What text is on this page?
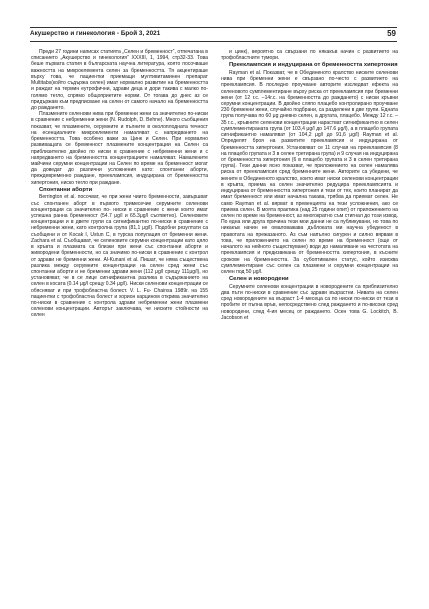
Акушерство и гинекология - Брой 3, 2021	59

Преди 27 години написах статията „Селен и бременност“, отпечатана в списанието „Акушерство и гинекология“ XXXIII, 1, 1994, стр32-33. Това беше първата статия в българската научна литература, която посочваше важността на микроелемента селен за бременността. Тя акцентираше върху това, че пациентки приемащи мултивитаминен препарат Multitabs(който съдържа селен) имат нормално развитие на бременността и раждат на термин еутрофични, здрави деца и дори такива с малко по-голямо тегло, спрямо общоприетите норми. От тогава до днес аз се придържам към предписване на селен от самото начало на бременността до раждането.

Плазмените селенови нива при бременни жени са значително по-ниски в сравнение с небременни жени (N. Rudolph, D. Behne). Много съобщения показват, че плазмените, серумните и пълните в околоплодната течност на есенциалните микроелементи намаляват с напредването на бременността. Това особено важи за Цинк и Селен. При нормално развиващата се бременност плазмените концентрации на Селен са приблизително двойно по ниски в сравнение с небременни жени и с напредването на бременността концентрациите намаляват. Намалените майчини серумни концентрации на Селен по време на бременност могат да доведат до различни усложнения като: спонтанни аборти, преждевременно раждане, прееклампсия, индуцирана от бременността хипертония, ниско тегло при раждане.

Спонтанни аборти

Berrington et al. посочват, че при жени чиито бременности, завършват със спонтанен аборт в първото тримесечие серумните селенови концентрации са значително по- ниски в сравнение с жени които имат успешна ранна бременност (54.7 μg/l и 65.3μg/l съответно). Селеновите концентрации и в двете групи са сигнификантно по-ниски в сравнение с небременни жени, като контролна група (81,1 μg/l). Подобни резултати са съобщени и от Kocak I, Ustun C, в турска популация от бременни жени. Zachara et al. Съобщават, че селеновите серумни концентрации като цяло в кръвта и плазмата са близки при жени със спонтанни аборти и живородени бременности, но са значимо по-ниски в сравнение с контрол от здрави не бременни жени. Al-Kunani et al. Пишат, че няма съществена разлика между серумните концентрации на селен сред жени със спонтанни аборти и не бременни здрави жени (112 μg/l срещу 111μg/l), но установяват, че в се лице сигнификантна разлика в съдържанието на селен в косата (0.14 μg/l срещу 0.34 μg/l). Ниски селенови концентрации се обясняват и при трофобластна болест. V. L. Fu- Chainsa 1989г. на 155 пациентки с трофобластна болест и хорион карцином открива значително по-ниски в сравнение с контрола здрави небременни жени плазмени селенови концентрации. Авторът заключава, че ниските стойности на селен

и цинк), вероятно са свързани по някакъв начин с развитието на трофобластните тумори.

Прееклампсия и индуцирана от бременността хипертония

Rayman et al. Показват, че в Обединеното кралство ниските селенови нива при бременни жени е свързано по-често с развитието на прееклампсия. В последно проучване авторите изследват ефекта на селеновото сумплементиране върху риска от прееклампсия при бременни жени (от 12 г.с. –14г.с. на бременността до раждането) с ниски кръвни серумни концентрации. В двойно сляпо плацебо контролирано проучване 230 бременни жени, случайно подбрани, са разделени в две групи. Едната група получава по 60 μg дневно селен, а другата, плацебо. Между 12 г.с. – 35 г.с., кръвните селенови концентрации нарастват сигнификантно в селен сумплементираната група (от 103,4 μg/l до 147.6 μg/l), а в плацебо групата сигнификантно намаляват (от 104,2 μg/l до 91,6 μg/l) Rayman et al. Определят броя на развитите прееклампсия и индуцирана от бременността хипертония. Установяват се 11 случая на прееклампсия (8 на плацебо групата и 3 в селен третирана група) и 9 случая на индуцирана от бременността хипертония (6 в плацебо групата и 3 в селен третирана група). Тези данни ясно показват, че приложението на селен намалява риска от прееклампсия сред бременните жени. Авторите са убедени, че жените в Обединеното кралство, които имат ниски селенови концентрации в кръвта, приема на селен значително редуцира прееклампсията и индуцирана от бременността хипертония и тези от тях, които планират да имат бременност или имат начална такава, трябва да приемат селен. Не само Rayman et al. вярват в превенцията на тези усложнения, ако се приема селен. В моята практика (над 25 години опит) от приложението на селен по време на бременност, аз многократно съм стигнал до този извод. По една или друга причина тези мои данни не са публикувани, но това по никакъв начин не омаловажава дъблоката ми научна убеденост в правотата на прежазаното. Аз съм напълно сигурен и силно вярвам в това, че приложението на селен по време на бременност (още от началото на нейното съществуване) води до намаляване на честотата на прееклампсия и предизвикана от бременността хипертония, в късните срокове на бременността. За субоптимален статус, който изисква сумплементиране със селен са плазмени и серумни концентрации на селен под 50 μg/l.

Селен и новородени

Серумните селенови концентрации в новородените са приблизително два пъти по-ниски в сравнение със здрави възрастни. Нивата на селен сред новородените на възраст 1-4 месеца са по ниски по-ниски от тези в пробите от пъпна връв, непосредствено след раждането и по-високи сред новородени, след 4-ия месец от раждането. Осен това G. Lockitch, B. Jacobson et
